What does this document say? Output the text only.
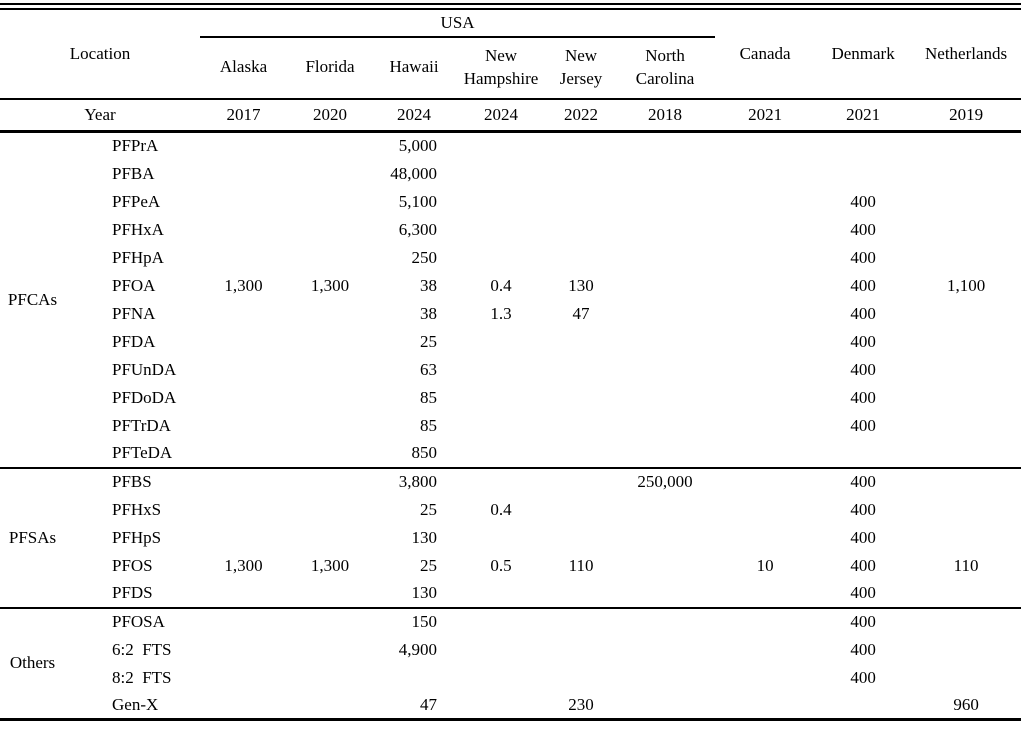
Location		USA						Canada	Denmark	Netherlands
		Alaska	Florida	Hawaii	New Hampshire	New Jersey	North Carolina			
Year		2017	2020	2024	2024	2022	2018	2021	2021	2019
PFCAs	PFPrA			5,000						
	PFBA			48,000						
	PFPeA			5,100					400	
	PFHxA			6,300					400	
	PFHpA			250					400	
	PFOA	1,300	1,300	38	0.4	130			400	1,100
	PFNA			38	1.3	47			400	
	PFDA			25					400	
	PFUnDA			63					400	
	PFDoDA			85					400	
	PFTrDA			85					400	
	PFTeDA			850						
PFSAs	PFBS			3,800			250,000		400	
	PFHxS			25	0.4				400	
	PFHpS			130					400	
	PFOS	1,300	1,300	25	0.5	110		10	400	110
	PFDS			130					400	
Others	PFOSA			150					400	
	6:2  FTS			4,900					400	
	8:2  FTS								400	
	Gen-X			47		230				960
